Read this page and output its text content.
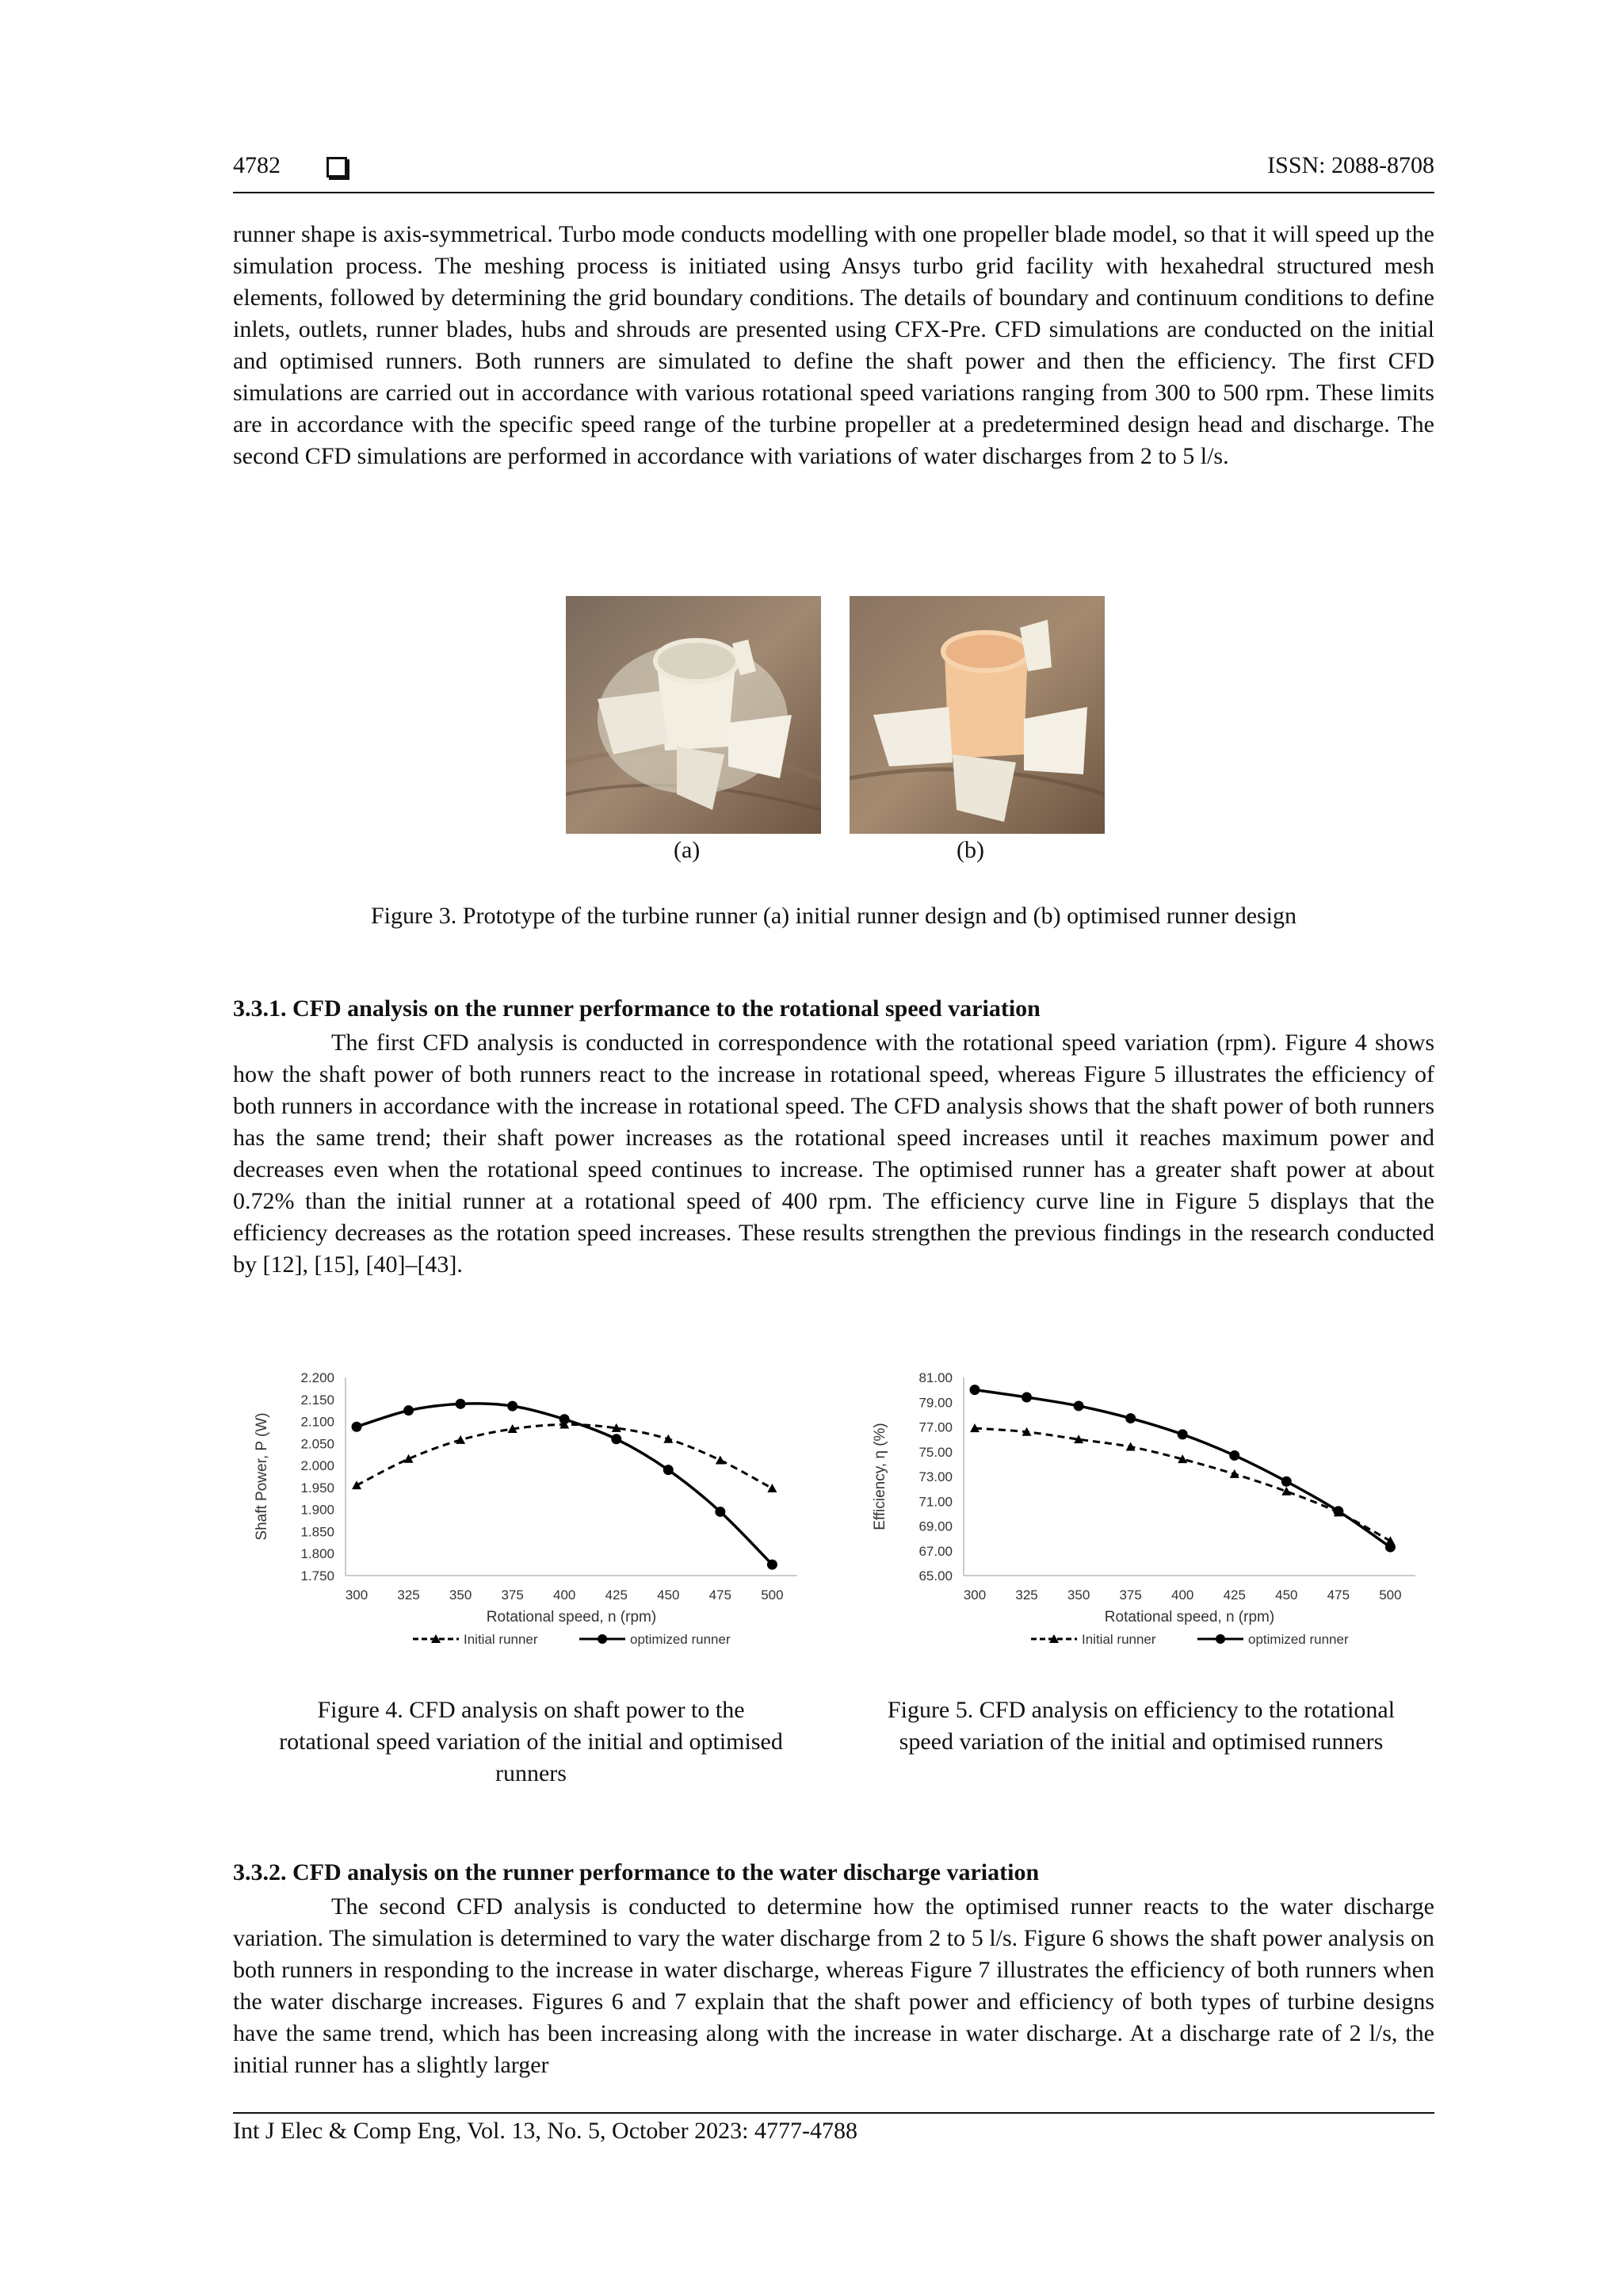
4782	ISSN: 2088-8708

runner shape is axis-symmetrical. Turbo mode conducts modelling with one propeller blade model, so that it will speed up the simulation process. The meshing process is initiated using Ansys turbo grid facility with hexahedral structured mesh elements, followed by determining the grid boundary conditions. The details of boundary and continuum conditions to define inlets, outlets, runner blades, hubs and shrouds are presented using CFX-Pre. CFD simulations are conducted on the initial and optimised runners. Both runners are simulated to define the shaft power and then the efficiency. The first CFD simulations are carried out in accordance with various rotational speed variations ranging from 300 to 500 rpm. These limits are in accordance with the specific speed range of the turbine propeller at a predetermined design head and discharge. The second CFD simulations are performed in accordance with variations of water discharges from 2 to 5 l/s.

(a)	(b)

Figure 3. Prototype of the turbine runner (a) initial runner design and (b) optimised runner design

3.3.1. CFD analysis on the runner performance to the rotational speed variation

The first CFD analysis is conducted in correspondence with the rotational speed variation (rpm). Figure 4 shows how the shaft power of both runners react to the increase in rotational speed, whereas Figure 5 illustrates the efficiency of both runners in accordance with the increase in rotational speed. The CFD analysis shows that the shaft power of both runners has the same trend; their shaft power increases as the rotational speed increases until it reaches maximum power and decreases even when the rotational speed continues to increase. The optimised runner has a greater shaft power at about 0.72% than the initial runner at a rotational speed of 400 rpm. The efficiency curve line in Figure 5 displays that the efficiency decreases as the rotation speed increases. These results strengthen the previous findings in the research conducted by [12], [15], [40]–[43].

1.750
1.800
1.850
1.900
1.950
2.000
2.050
2.100
2.150
2.200
300 325 350 375 400 425 450 475 500
Rotational speed, n (rpm)
Shaft Power, P (W)
Initial runner	optimized runner

Figure 4. CFD analysis on shaft power to the rotational speed variation of the initial and optimised runners

65.00
67.00
69.00
71.00
73.00
75.00
77.00
79.00
81.00
300 325 350 375 400 425 450 475 500
Rotational speed, n (rpm)
Efficiency, η (%)
Initial runner	optimized runner

Figure 5. CFD analysis on efficiency to the rotational speed variation of the initial and optimised runners

3.3.2. CFD analysis on the runner performance to the water discharge variation

The second CFD analysis is conducted to determine how the optimised runner reacts to the water discharge variation. The simulation is determined to vary the water discharge from 2 to 5 l/s. Figure 6 shows the shaft power analysis on both runners in responding to the increase in water discharge, whereas Figure 7 illustrates the efficiency of both runners when the water discharge increases. Figures 6 and 7 explain that the shaft power and efficiency of both types of turbine designs have the same trend, which has been increasing along with the increase in water discharge. At a discharge rate of 2 l/s, the initial runner has a slightly larger

Int J Elec & Comp Eng, Vol. 13, No. 5, October 2023: 4777-4788
